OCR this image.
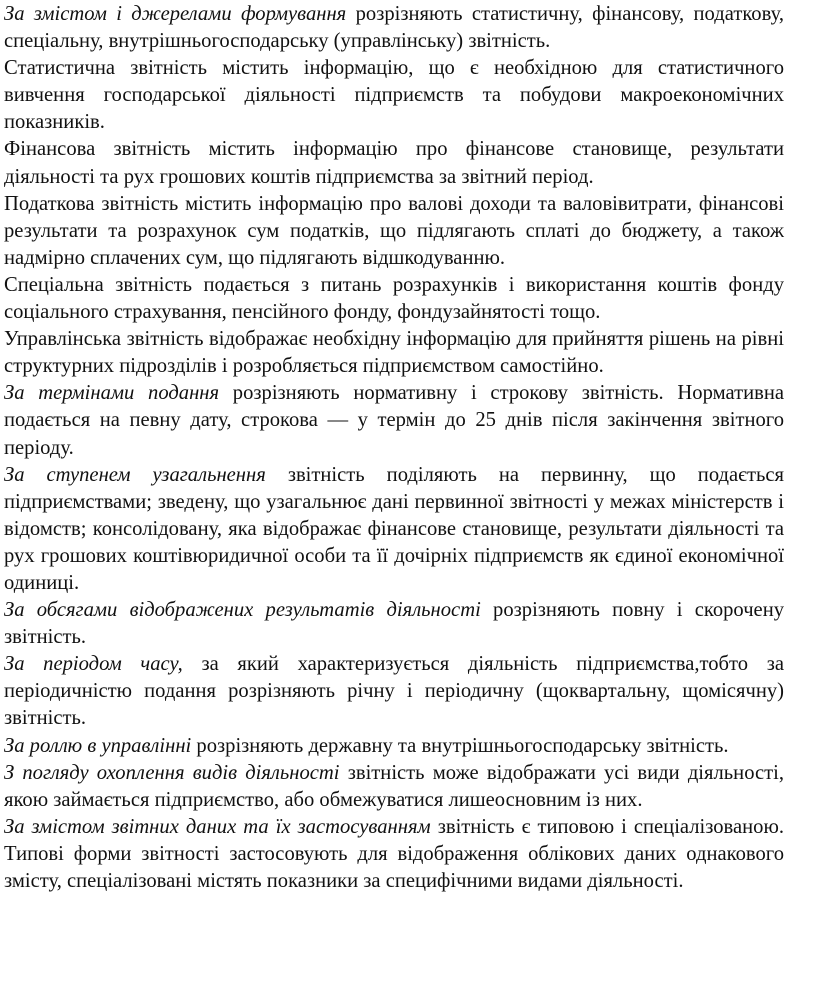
За змістом і джерелами формування розрізняють статистичну, фінансову, податкову, спеціальну, внутрішньогосподарську (управлінську) звітність.

Статистична звітність містить інформацію, що є необхідною для статистичного вивчення господарської діяльності підприємств та побудови макроекономічних показників.

Фінансова звітність містить інформацію про фінансове становище, результати діяльності та рух грошових коштів підприємства за звітний період.

Податкова звітність містить інформацію про валові доходи та валовівитрати, фінансові результати та розрахунок сум податків, що підлягають сплаті до бюджету, а також надмірно сплачених сум, що підлягають відшкодуванню.

Спеціальна звітність подається з питань розрахунків і використання коштів фонду соціального страхування, пенсійного фонду, фондузайнятості тощо.

Управлінська звітність відображає необхідну інформацію для прийняття рішень на рівні структурних підрозділів і розробляється підприємством самостійно.

За термінами подання розрізняють нормативну і строкову звітність. Нормативна подається на певну дату, строкова — у термін до 25 днів після закінчення звітного періоду.

За ступенем узагальнення звітність поділяють на первинну, що подається підприємствами; зведену, що узагальнює дані первинної звітності у межах міністерств і відомств; консолідовану, яка відображає фінансове становище, результати діяльності та рух грошових коштівюридичної особи та її дочірніх підприємств як єдиної економічної одиниці.

За обсягами відображених результатів діяльності розрізняють повну і скорочену звітність.

За періодом часу, за який характеризується діяльність підприємства,тобто за періодичністю подання розрізняють річну і періодичну (щоквартальну, щомісячну) звітність.

За роллю в управлінні розрізняють державну та внутрішньогосподарську звітність.

З погляду охоплення видів діяльності звітність може відображати усі види діяльності, якою займається підприємство, або обмежуватися лишеосновним із них.

За змістом звітних даних та їх застосуванням звітність є типовою і спеціалізованою. Типові форми звітності застосовують для відображення облікових даних однакового змісту, спеціалізовані містять показники за специфічними видами діяльності.
